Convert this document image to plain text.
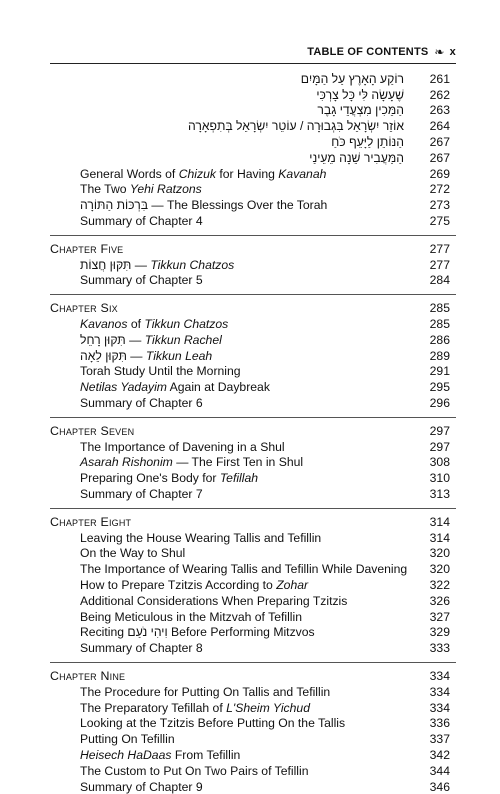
TABLE OF CONTENTS ❧ x
רוֹקַע הָאָרֶץ עַל הַמָּיִם	261
שֶׁעָשָׂה לִּי כָּל צָרְכִּי	262
הַמֵּכִין מִצְעֲדֵי גָבֶר	263
אוֹזֵר יִשְׂרָאֵל בִּגְבוּרָה / עוֹטֵר יִשְׂרָאֵל בְּתִפְאָרָה	264
הַנּוֹתֵן לַיָּעֵף כֹּחַ	267
הַמַּעֲבִיר שֵׁנָה מֵעֵינַי	267
General Words of Chizuk for Having Kavanah	269
The Two Yehi Ratzons	272
בִּרְכּוֹת הַתּוֹרָה — The Blessings Over the Torah	273
Summary of Chapter 4	275
Chapter Five	277
תִּקּוּן חֲצוֹת — Tikkun Chatzos	277
Summary of Chapter 5	284
Chapter Six	285
Kavanos of Tikkun Chatzos	285
תִּקּוּן רָחֵל — Tikkun Rachel	286
תִּקּוּן לֵאָה — Tikkun Leah	289
Torah Study Until the Morning	291
Netilas Yadayim Again at Daybreak	295
Summary of Chapter 6	296
Chapter Seven	297
The Importance of Davening in a Shul	297
Asarah Rishonim — The First Ten in Shul	308
Preparing One's Body for Tefillah	310
Summary of Chapter 7	313
Chapter Eight	314
Leaving the House Wearing Tallis and Tefillin	314
On the Way to Shul	320
The Importance of Wearing Tallis and Tefillin While Davening	320
How to Prepare Tzitzis According to Zohar	322
Additional Considerations When Preparing Tzitzis	326
Being Meticulous in the Mitzvah of Tefillin	327
Reciting וִיהִי נֹעַם Before Performing Mitzvos	329
Summary of Chapter 8	333
Chapter Nine	334
The Procedure for Putting On Tallis and Tefillin	334
The Preparatory Tefillah of L'Sheim Yichud	334
Looking at the Tzitzis Before Putting On the Tallis	336
Putting On Tefillin	337
Heisech HaDaas From Tefillin	342
The Custom to Put On Two Pairs of Tefillin	344
Summary of Chapter 9	346
